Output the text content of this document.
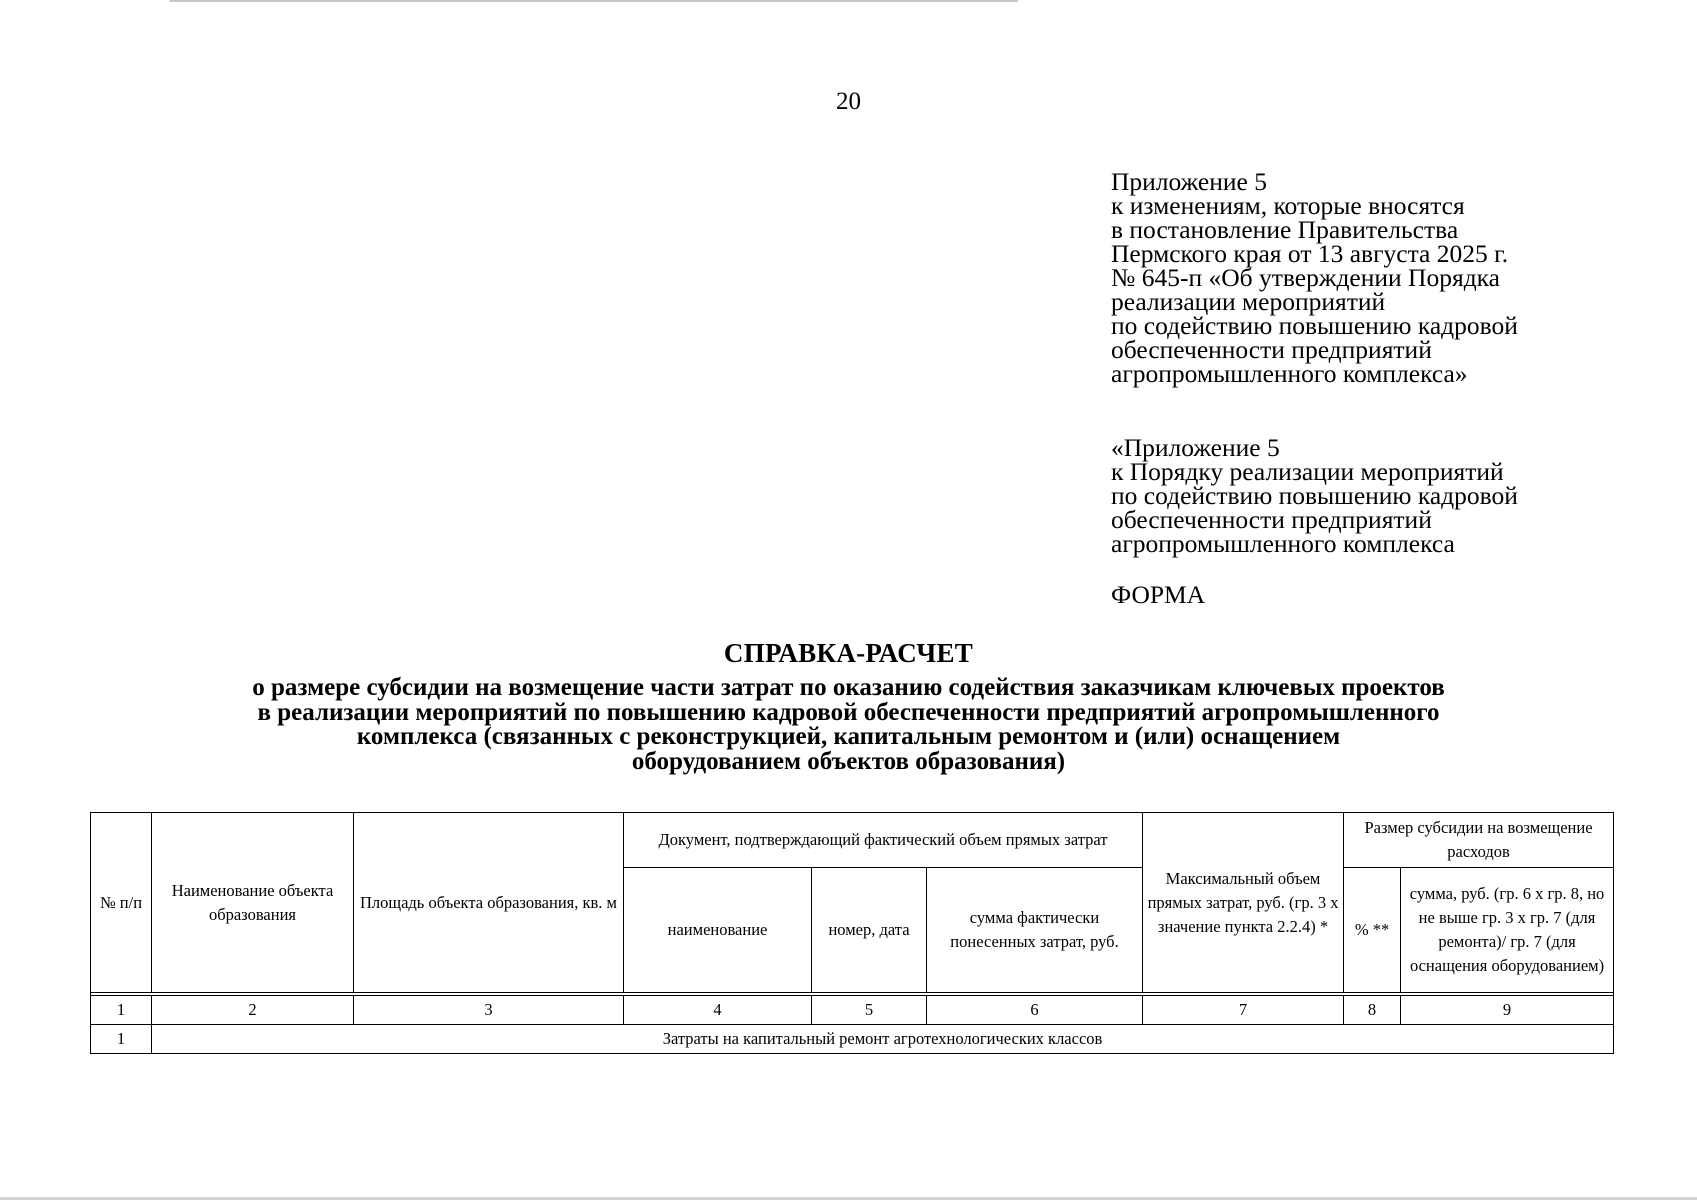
20
Приложение 5
к изменениям, которые вносятся
в постановление Правительства
Пермского края от 13 августа 2025 г.
№ 645-п «Об утверждении Порядка
реализации мероприятий
по содействию повышению кадровой
обеспеченности предприятий
агропромышленного комплекса»
«Приложение 5
к Порядку реализации мероприятий
по содействию повышению кадровой
обеспеченности предприятий
агропромышленного комплекса
ФОРМА
СПРАВКА-РАСЧЕТ
о размере субсидии на возмещение части затрат по оказанию содействия заказчикам ключевых проектов
в реализации мероприятий по повышению кадровой обеспеченности предприятий агропромышленного
комплекса (связанных с реконструкцией, капитальным ремонтом и (или) оснащением
оборудованием объектов образования)
№ п/п	Наименование объекта образования	Площадь объекта образования, кв. м	Документ, подтверждающий фактический объем прямых затрат			Максимальный объем прямых затрат, руб. (гр. 3 х значение пункта 2.2.4) *	Размер субсидии на возмещение расходов	
			наименование	номер, дата	сумма фактически понесенных затрат, руб.		% **	сумма, руб. (гр. 6 х гр. 8, но не выше гр. 3 х гр. 7 (для ремонта)/ гр. 7 (для оснащения оборудованием)

1	2	3	4	5	6	7	8	9
1	Затраты на капитальный ремонт агротехнологических классов							
